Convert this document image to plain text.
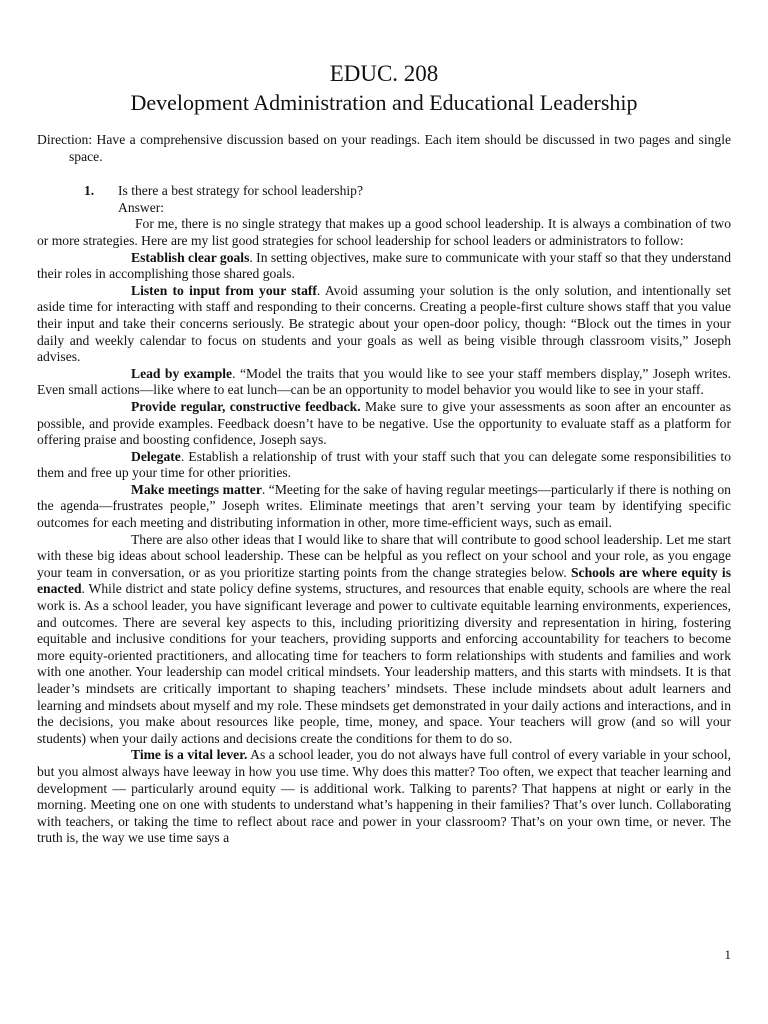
EDUC. 208
Development Administration and Educational Leadership

Direction: Have a comprehensive discussion based on your readings. Each item should be discussed in two pages and single space.

1. Is there a best strategy for school leadership?

Answer:

For me, there is no single strategy that makes up a good school leadership. It is always a combination of two or more strategies. Here are my list good strategies for school leadership for school leaders or administrators to follow:

Establish clear goals. In setting objectives, make sure to communicate with your staff so that they understand their roles in accomplishing those shared goals.

Listen to input from your staff. Avoid assuming your solution is the only solution, and intentionally set aside time for interacting with staff and responding to their concerns. Creating a people-first culture shows staff that you value their input and take their concerns seriously. Be strategic about your open-door policy, though: “Block out the times in your daily and weekly calendar to focus on students and your goals as well as being visible through classroom visits,” Joseph advises.

Lead by example. “Model the traits that you would like to see your staff members display,” Joseph writes. Even small actions—like where to eat lunch—can be an opportunity to model behavior you would like to see in your staff.

Provide regular, constructive feedback. Make sure to give your assessments as soon after an encounter as possible, and provide examples. Feedback doesn’t have to be negative. Use the opportunity to evaluate staff as a platform for offering praise and boosting confidence, Joseph says.

Delegate. Establish a relationship of trust with your staff such that you can delegate some responsibilities to them and free up your time for other priorities.

Make meetings matter. “Meeting for the sake of having regular meetings—particularly if there is nothing on the agenda—frustrates people,” Joseph writes. Eliminate meetings that aren’t serving your team by identifying specific outcomes for each meeting and distributing information in other, more time-efficient ways, such as email.

There are also other ideas that I would like to share that will contribute to good school leadership. Let me start with these big ideas about school leadership. These can be helpful as you reflect on your school and your role, as you engage your team in conversation, or as you prioritize starting points from the change strategies below. Schools are where equity is enacted. While district and state policy define systems, structures, and resources that enable equity, schools are where the real work is. As a school leader, you have significant leverage and power to cultivate equitable learning environments, experiences, and outcomes. There are several key aspects to this, including prioritizing diversity and representation in hiring, fostering equitable and inclusive conditions for your teachers, providing supports and enforcing accountability for teachers to become more equity-oriented practitioners, and allocating time for teachers to form relationships with students and families and work with one another. Your leadership can model critical mindsets. Your leadership matters, and this starts with mindsets. It is that leader’s mindsets are critically important to shaping teachers’ mindsets. These include mindsets about adult learners and learning and mindsets about myself and my role. These mindsets get demonstrated in your daily actions and interactions, and in the decisions, you make about resources like people, time, money, and space. Your teachers will grow (and so will your students) when your daily actions and decisions create the conditions for them to do so.

Time is a vital lever. As a school leader, you do not always have full control of every variable in your school, but you almost always have leeway in how you use time. Why does this matter? Too often, we expect that teacher learning and development — particularly around equity — is additional work. Talking to parents? That happens at night or early in the morning. Meeting one on one with students to understand what’s happening in their families? That’s over lunch. Collaborating with teachers, or taking the time to reflect about race and power in your classroom? That’s on your own time, or never. The truth is, the way we use time says a

1
